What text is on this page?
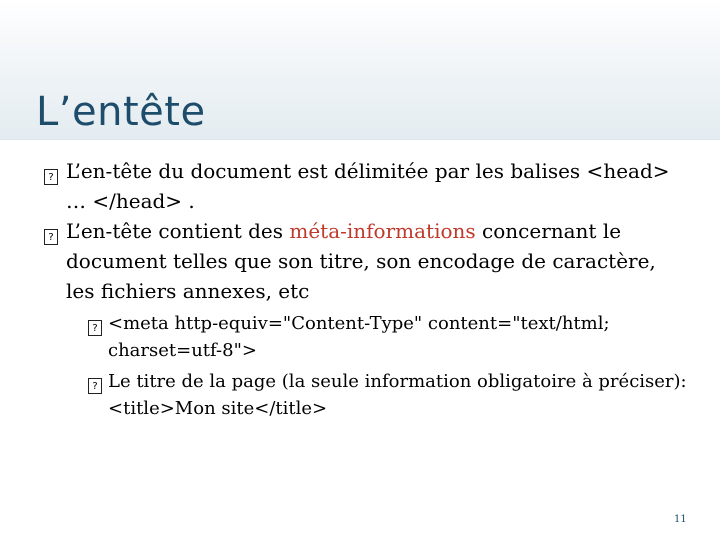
L’entête

? L’en-tête du document est délimitée par les balises <head> … </head> .

? L’en-tête contient des méta-informations concernant le document telles que son titre, son encodage de caractère, les fichiers annexes, etc

? <meta http-equiv="Content-Type" content="text/html; charset=utf-8">

? Le titre de la page (la seule information obligatoire à préciser): <title>Mon site</title>

11
